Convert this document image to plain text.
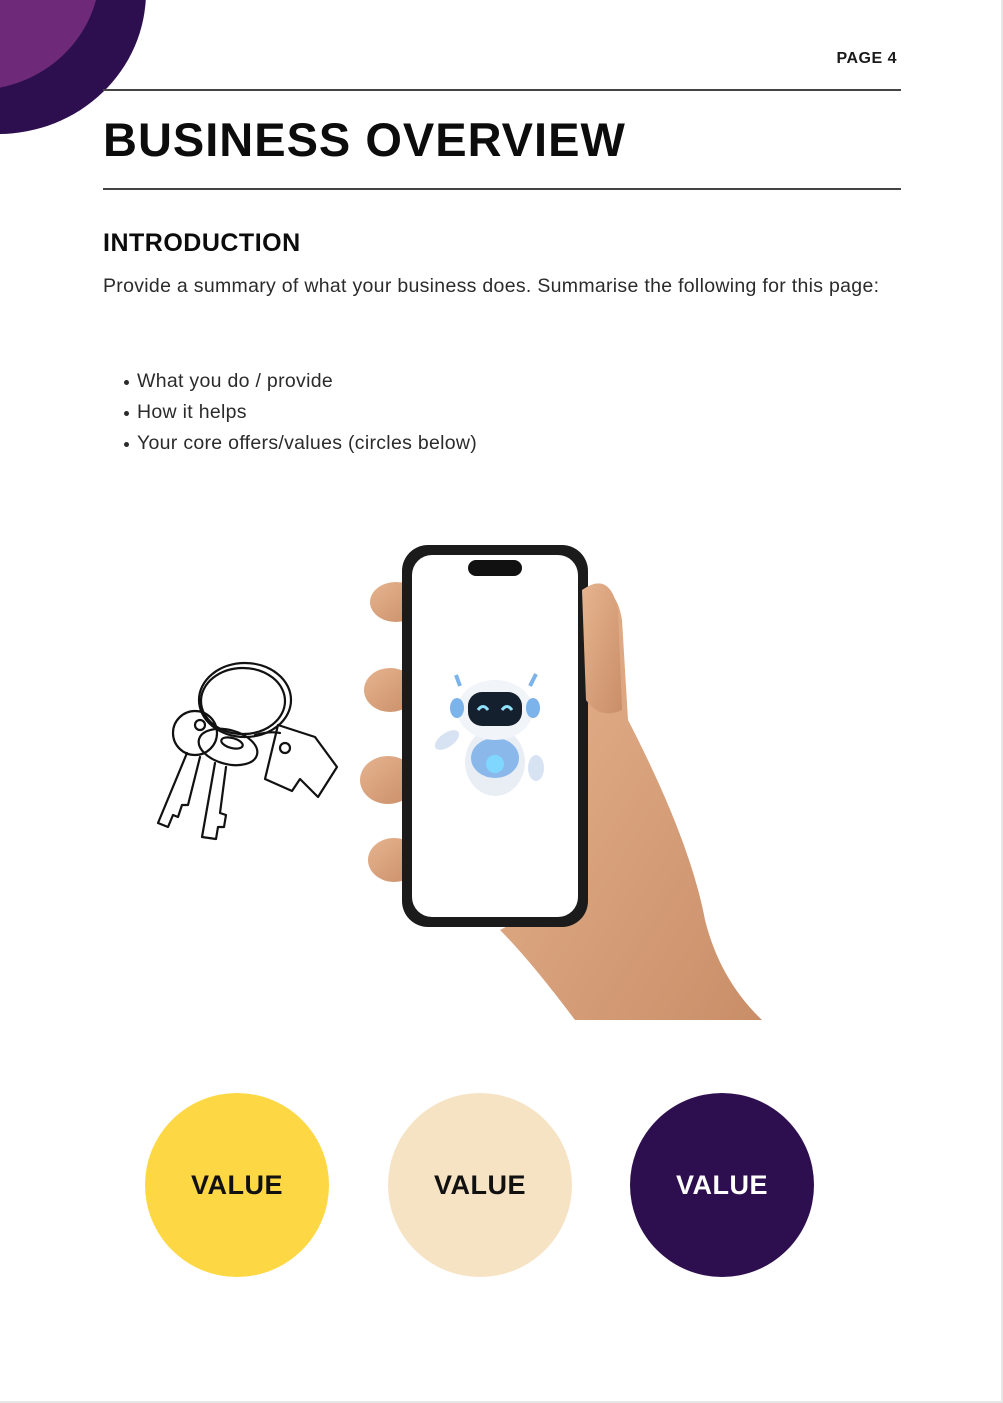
PAGE 4
BUSINESS OVERVIEW
INTRODUCTION

Provide a summary of what your business does. Summarise the following for this page:

What you do / provide
How it helps
Your core offers/values (circles below)
VALUE	VALUE	VALUE
